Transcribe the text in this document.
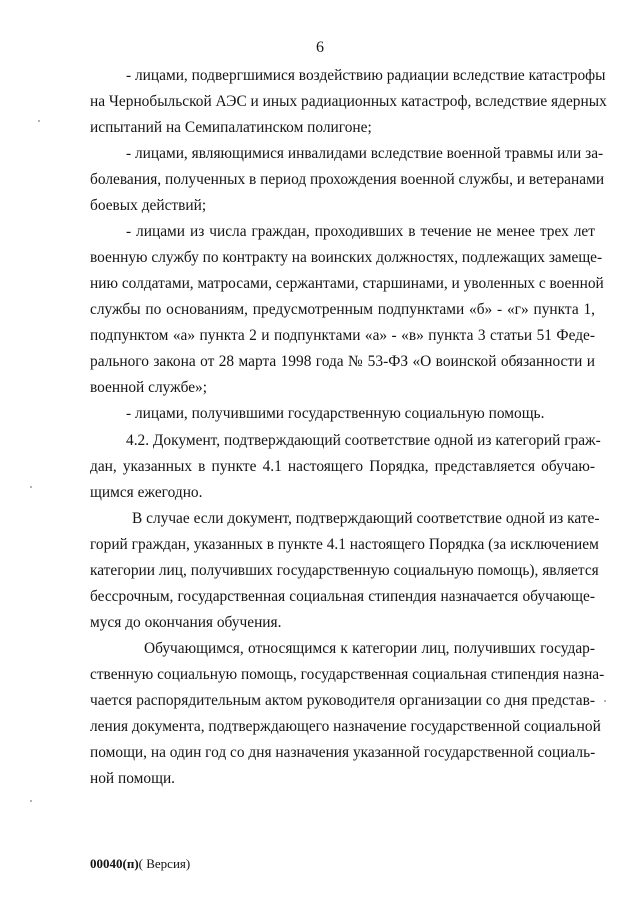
6
- лицами, подвергшимися воздействию радиации вследствие катастрофы
на Чернобыльской АЭС и иных радиационных катастроф, вследствие ядерных
испытаний на Семипалатинском полигоне;
- лицами, являющимися инвалидами вследствие военной травмы или за-
болевания, полученных в период прохождения военной службы, и ветеранами
боевых действий;
- лицами из числа граждан, проходивших в течение не менее трех лет
военную службу по контракту на воинских должностях, подлежащих замеще-
нию солдатами, матросами, сержантами, старшинами, и уволенных с военной
службы по основаниям, предусмотренным подпунктами «б» - «г» пункта 1,
подпунктом «а» пункта 2 и подпунктами «а» - «в» пункта 3 статьи 51 Феде-
рального закона от 28 марта 1998 года № 53-ФЗ «О воинской обязанности и
военной службе»;
- лицами, получившими государственную социальную помощь.
4.2. Документ, подтверждающий соответствие одной из категорий граж-
дан, указанных в пункте 4.1 настоящего Порядка, представляется обучаю-
щимся ежегодно.
В случае если документ, подтверждающий соответствие одной из кате-
горий граждан, указанных в пункте 4.1 настоящего Порядка (за исключением
категории лиц, получивших государственную социальную помощь), является
бессрочным, государственная социальная стипендия назначается обучающе-
муся до окончания обучения.
Обучающимся, относящимся к категории лиц, получивших государ-
ственную социальную помощь, государственная социальная стипендия назна-
чается распорядительным актом руководителя организации со дня представ-
ления документа, подтверждающего назначение государственной социальной
помощи, на один год со дня назначения указанной государственной социаль-
ной помощи.
00040(п)( Версия)
